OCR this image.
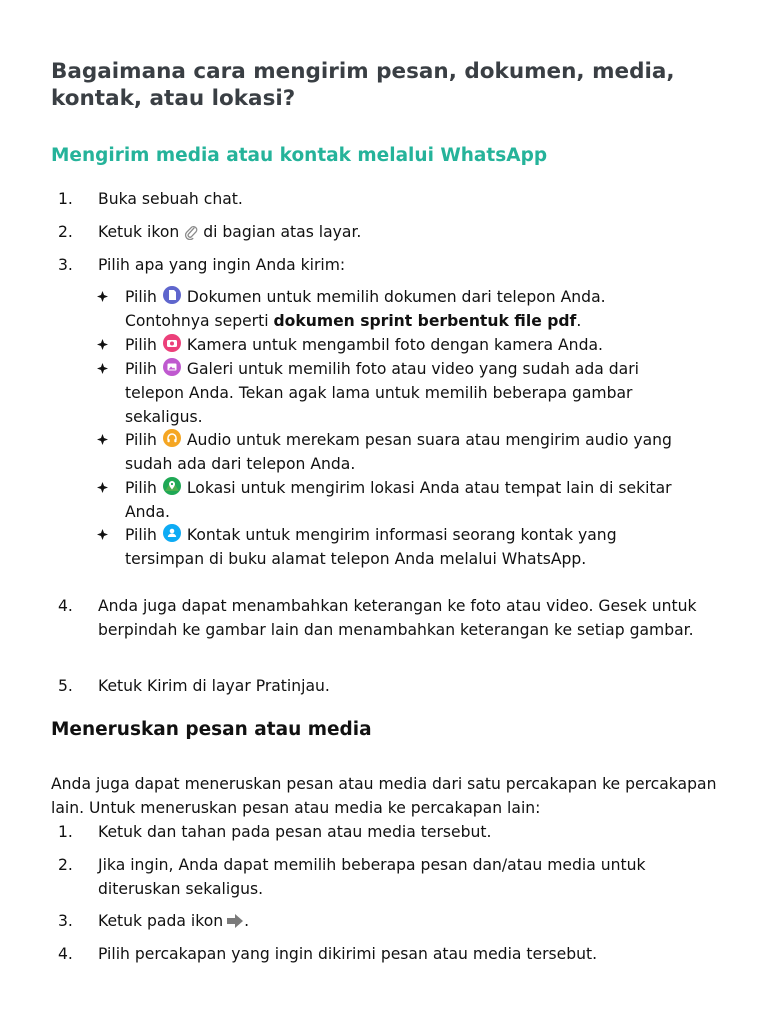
Bagaimana cara mengirim pesan, dokumen, media, kontak, atau lokasi?
Mengirim media atau kontak melalui WhatsApp
1.	Buka sebuah chat.
2.	Ketuk ikon di bagian atas layar.
3.	Pilih apa yang ingin Anda kirim:
Pilih Dokumen untuk memilih dokumen dari telepon Anda. Contohnya seperti dokumen sprint berbentuk file pdf.
Pilih Kamera untuk mengambil foto dengan kamera Anda.
Pilih Galeri untuk memilih foto atau video yang sudah ada dari telepon Anda. Tekan agak lama untuk memilih beberapa gambar sekaligus.
Pilih Audio untuk merekam pesan suara atau mengirim audio yang sudah ada dari telepon Anda.
Pilih Lokasi untuk mengirim lokasi Anda atau tempat lain di sekitar Anda.
Pilih Kontak untuk mengirim informasi seorang kontak yang tersimpan di buku alamat telepon Anda melalui WhatsApp.
4.	Anda juga dapat menambahkan keterangan ke foto atau video. Gesek untuk berpindah ke gambar lain dan menambahkan keterangan ke setiap gambar.
5.	Ketuk Kirim di layar Pratinjau.
Meneruskan pesan atau media

Anda juga dapat meneruskan pesan atau media dari satu percakapan ke percakapan lain. Untuk meneruskan pesan atau media ke percakapan lain:

1.	Ketuk dan tahan pada pesan atau media tersebut.
2.	Jika ingin, Anda dapat memilih beberapa pesan dan/atau media untuk diteruskan sekaligus.
3.	Ketuk pada ikon .
4.	Pilih percakapan yang ingin dikirimi pesan atau media tersebut.
